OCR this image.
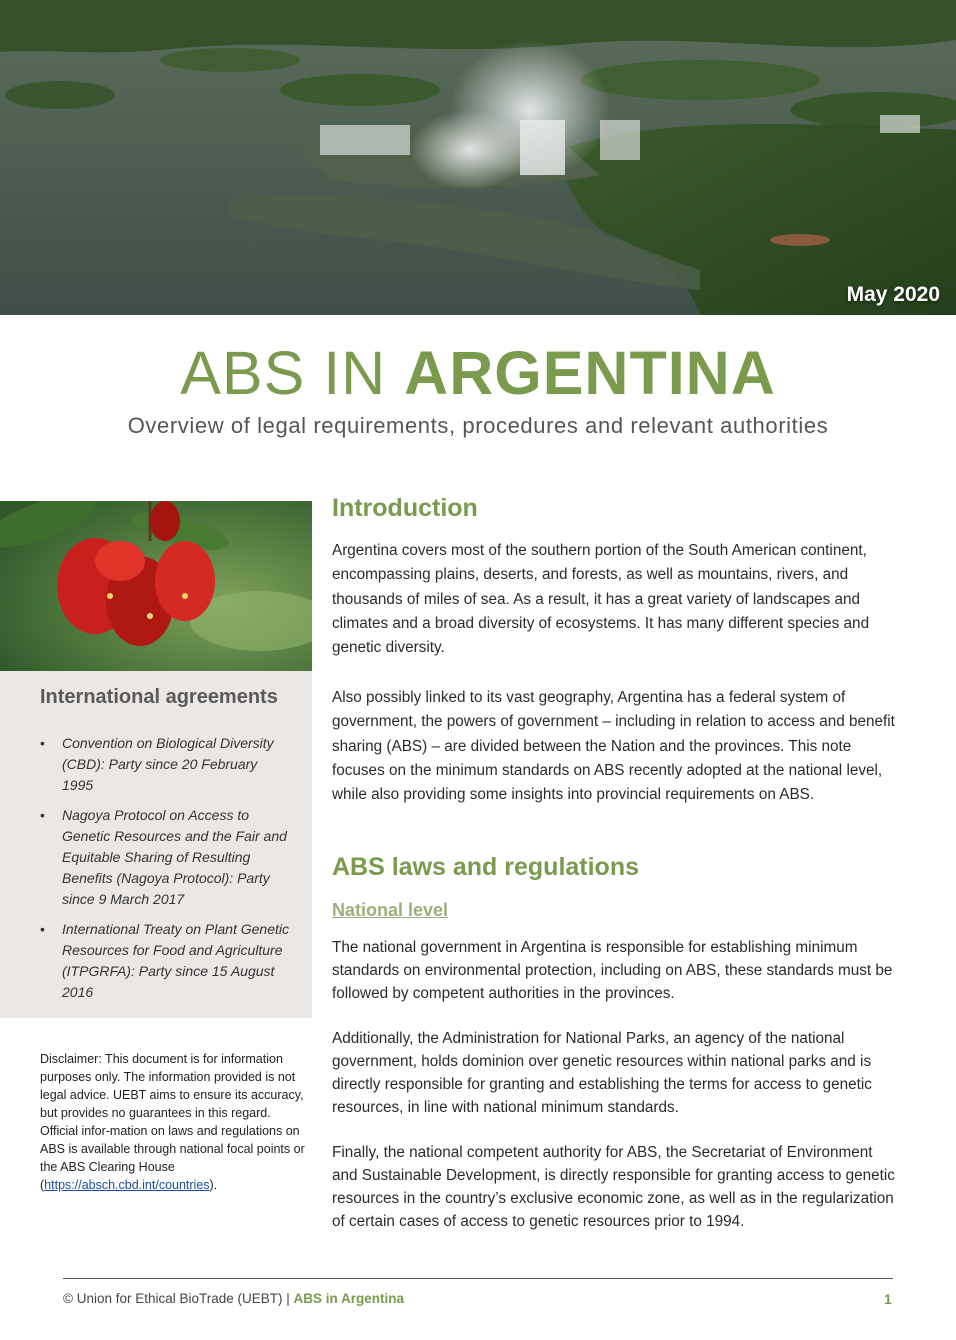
May 2020
ABS IN ARGENTINA
Overview of legal requirements, procedures and relevant authorities
International agreements
• Convention on Biological Diversity (CBD): Party since 20 February 1995
• Nagoya Protocol on Access to Genetic Resources and the Fair and Equitable Sharing of Resulting Benefits (Nagoya Protocol): Party since 9 March 2017
• International Treaty on Plant Genetic Resources for Food and Agriculture (ITPGRFA): Party since 15 August 2016
Disclaimer: This document is for information purposes only. The information provided is not legal advice. UEBT aims to ensure its accuracy, but provides no guarantees in this regard. Official infor-mation on laws and regulations on ABS is available through national focal points or the ABS Clearing House (https://absch.cbd.int/countries).
Introduction

Argentina covers most of the southern portion of the South American continent, encompassing plains, deserts, and forests, as well as mountains, rivers, and thousands of miles of sea. As a result, it has a great variety of landscapes and climates and a broad diversity of ecosystems. It has many different species and genetic diversity.

Also possibly linked to its vast geography, Argentina has a federal system of government, the powers of government – including in relation to access and benefit sharing (ABS) – are divided between the Nation and the provinces. This note focuses on the minimum standards on ABS recently adopted at the national level, while also providing some insights into provincial requirements on ABS.

ABS laws and regulations
National level

The national government in Argentina is responsible for establishing minimum standards on environmental protection, including on ABS, these standards must be followed by competent authorities in the provinces.

Additionally, the Administration for National Parks, an agency of the national government, holds dominion over genetic resources within national parks and is directly responsible for granting and establishing the terms for access to genetic resources, in line with national minimum standards.

Finally, the national competent authority for ABS, the Secretariat of Environment and Sustainable Development, is directly responsible for granting access to genetic resources in the country’s exclusive economic zone, as well as in the regularization of certain cases of access to genetic resources prior to 1994.

© Union for Ethical BioTrade (UEBT) | ABS in Argentina	1
